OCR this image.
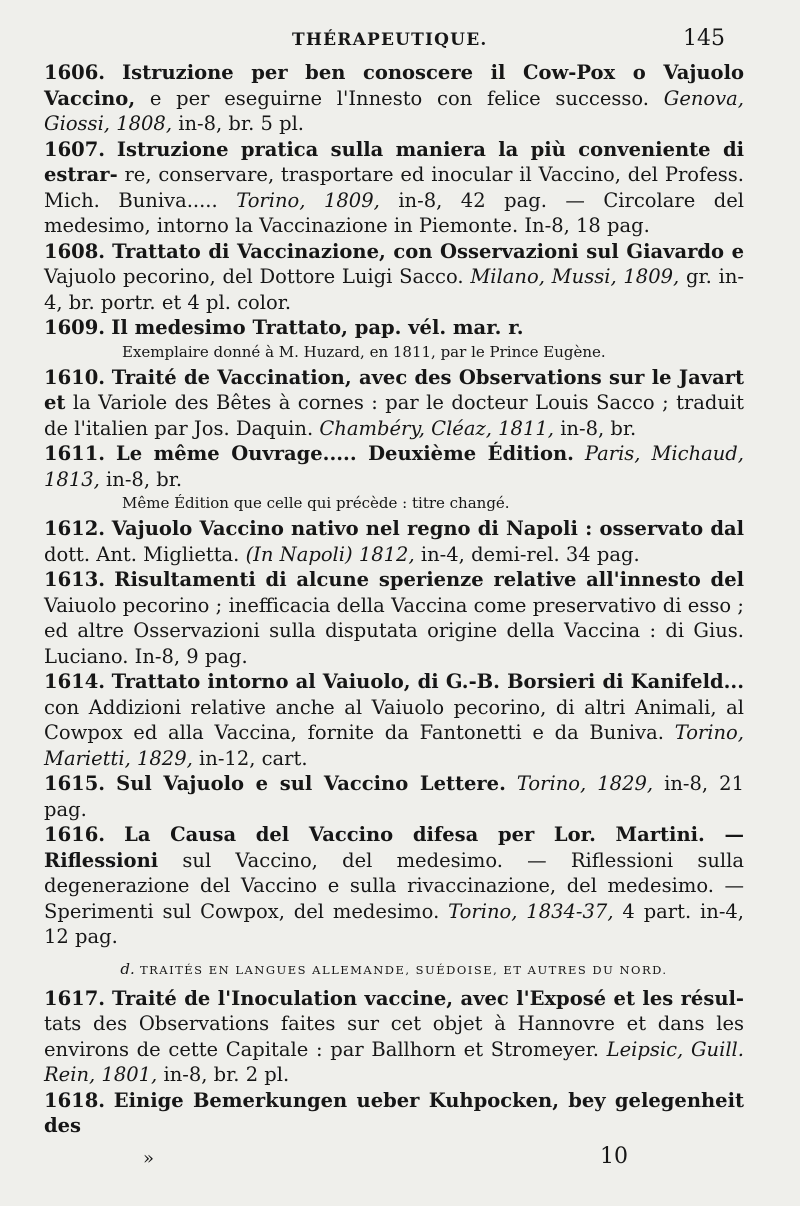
THÉRAPEUTIQUE.	145

1606. Istruzione per ben conoscere il Cow-Pox o Vajuolo Vaccino, e per eseguirne l'Innesto con felice successo. Genova, Giossi, 1808, in-8, br. 5 pl.

1607. Istruzione pratica sulla maniera la più conveniente di estrar- re, conservare, trasportare ed inocular il Vaccino, del Profess. Mich. Buniva..... Torino, 1809, in-8, 42 pag. — Circolare del medesimo, intorno la Vaccinazione in Piemonte. In-8, 18 pag.

1608. Trattato di Vaccinazione, con Osservazioni sul Giavardo e Vajuolo pecorino, del Dottore Luigi Sacco. Milano, Mussi, 1809, gr. in-4, br. portr. et 4 pl. color.

1609. Il medesimo Trattato, pap. vél. mar. r.

Exemplaire donné à M. Huzard, en 1811, par le Prince Eugène.

1610. Traité de Vaccination, avec des Observations sur le Javart et la Variole des Bêtes à cornes : par le docteur Louis Sacco ; traduit de l'italien par Jos. Daquin. Chambéry, Cléaz, 1811, in-8, br.

1611. Le même Ouvrage..... Deuxième Édition. Paris, Michaud, 1813, in-8, br.

Même Édition que celle qui précède : titre changé.

1612. Vajuolo Vaccino nativo nel regno di Napoli : osservato dal dott. Ant. Miglietta. (In Napoli) 1812, in-4, demi-rel. 34 pag.

1613. Risultamenti di alcune sperienze relative all'innesto del Vaiuolo pecorino ; inefficacia della Vaccina come preservativo di esso ; ed altre Osservazioni sulla disputata origine della Vaccina : di Gius. Luciano. In-8, 9 pag.

1614. Trattato intorno al Vaiuolo, di G.-B. Borsieri di Kanifeld... con Addizioni relative anche al Vaiuolo pecorino, di altri Animali, al Cowpox ed alla Vaccina, fornite da Fantonetti e da Buniva. Torino, Marietti, 1829, in-12, cart.

1615. Sul Vajuolo e sul Vaccino Lettere. Torino, 1829, in-8, 21 pag.

1616. La Causa del Vaccino difesa per Lor. Martini. — Riflessioni sul Vaccino, del medesimo. — Riflessioni sulla degenerazione del Vaccino e sulla rivaccinazione, del medesimo. — Sperimenti sul Cowpox, del medesimo. Torino, 1834-37, 4 part. in-4, 12 pag.

d. TRAITÉS EN LANGUES ALLEMANDE, SUÉDOISE, ET AUTRES DU NORD.

1617. Traité de l'Inoculation vaccine, avec l'Exposé et les résul- tats des Observations faites sur cet objet à Hannovre et dans les environs de cette Capitale : par Ballhorn et Stromeyer. Leipsic, Guill. Rein, 1801, in-8, br. 2 pl.

1618. Einige Bemerkungen ueber Kuhpocken, bey gelegenheit des

»	10
